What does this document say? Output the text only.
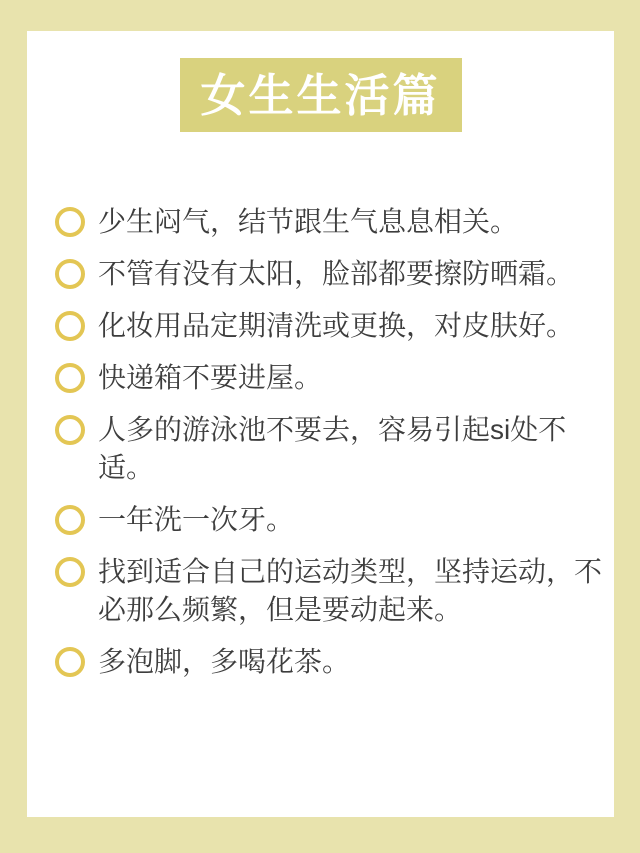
女生生活篇
少生闷气，结节跟生气息息相关。
不管有没有太阳，脸部都要擦防晒霜。
化妆用品定期清洗或更换，对皮肤好。
快递箱不要进屋。
人多的游泳池不要去，容易引起si处不适。
一年洗一次牙。
找到适合自己的运动类型，坚持运动，不必那么频繁，但是要动起来。
多泡脚，多喝花茶。
